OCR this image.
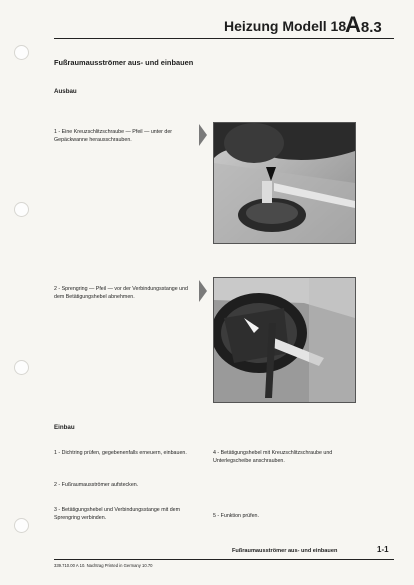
Heizung Modell 18
A8.3
Fußraumausströmer aus- und einbauen
Ausbau
1 - Eine Kreuzschlitzschraube — Pfeil — unter der Gepäckwanne herausschrauben.
2 - Sprengring — Pfeil — vor der Verbindungsstange und dem Betätigungshebel abnehmen.
Einbau
1 - Dichtring prüfen, gegebenenfalls erneuern, einbauen.
2 - Fußraumausströmer aufstecken.
3 - Betätigungshebel und Verbindungsstange mit dem Sprengring verbinden.
4 - Betätigungshebel mit Kreuzschlitzschraube und Unterlegscheibe anschrauben.
5 - Funktion prüfen.
Fußraumausströmer aus- und einbauen	1-1
339.710.00 A 10. Nachtrag Printed in Germany 10.70
